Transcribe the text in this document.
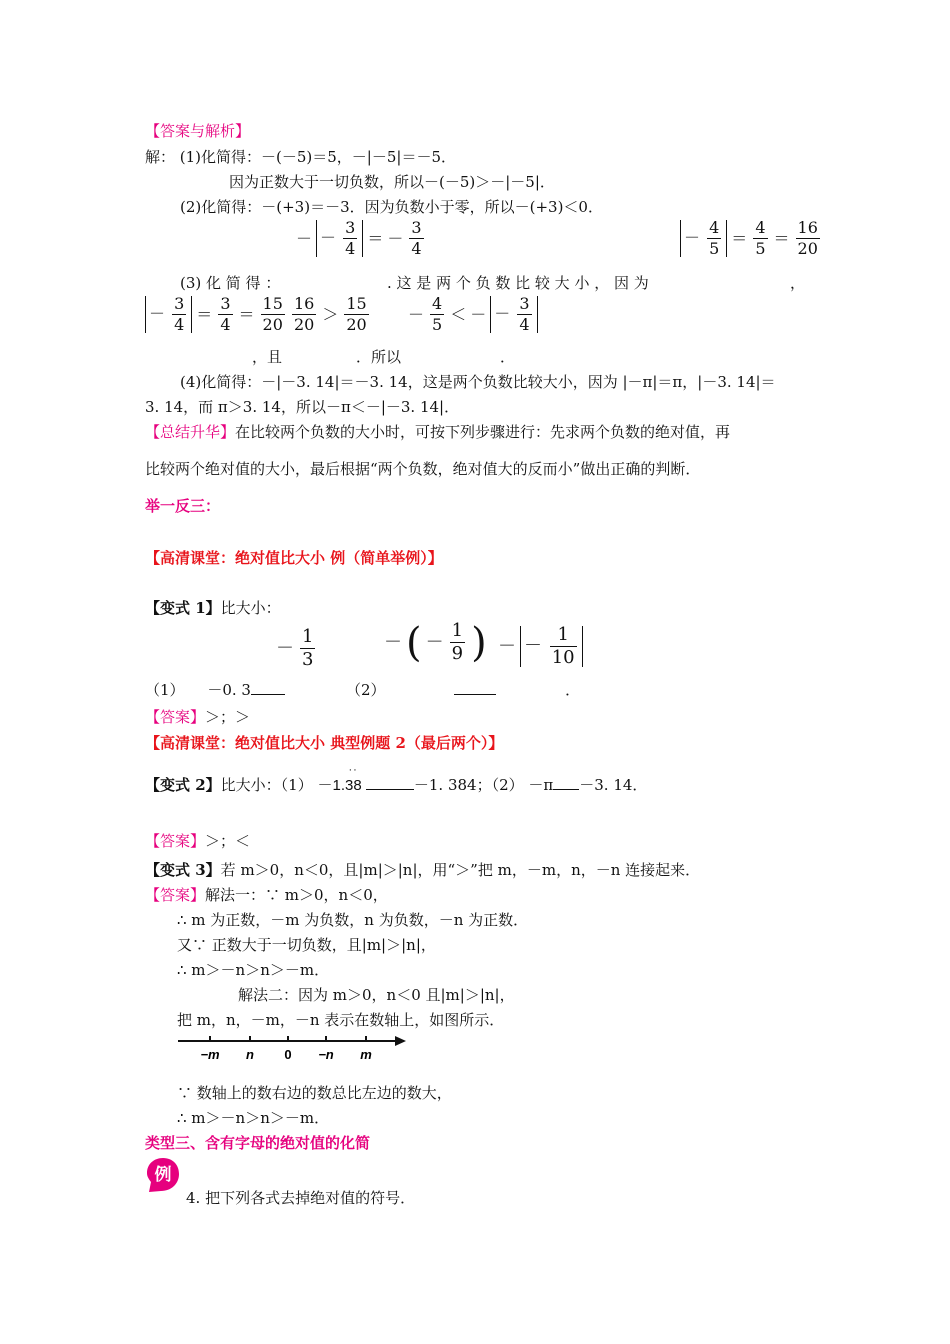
【答案与解析】
解： (1)化简得：－(－5)＝5，－|－5|＝－5．
因为正数大于一切负数，所以－(－5)＞－|－5|．
(2)化简得：－(+3)＝－3．因为负数小于零，所以－(+3)＜0．
－ － $\frac{3}{4}$ ＝ － $\frac{3}{4}$	－ $\frac{4}{5} = \frac{4}{5} = \frac{16}{20}$
(3) 化 简 得 ：	. 这 是 两 个 负 数 比 较 大 小 ， 因 为	，
－ $\frac{3}{4} = \frac{3}{4} = \frac{15}{20} \frac{16}{20} > \frac{15}{20} - \frac{4}{5}$ ＜ － － $\frac{3}{4}$
，且	．所以	．
(4)化简得：－|－3. 14|＝－3. 14，这是两个负数比较大小，因为 |－π|＝π，|－3. 14|＝
3. 14，而 π＞3. 14，所以－π＜－|－3. 14|．
【总结升华】在比较两个负数的大小时，可按下列步骤进行：先求两个负数的绝对值，再
比较两个绝对值的大小，最后根据“两个负数，绝对值大的反而小”做出正确的判断．
举一反三：
【高清课堂：绝对值比大小 例（简单举例）】
【变式 1】比大小：
－ $\frac{1}{3}$	－ ( － $\frac{1}{9}$ ) － － $\frac{1}{10}$
（1） －0. 3	（2）	．
【答案】＞；＞
【高清课堂：绝对值比大小 典型例题 2（最后两个）】
【变式 2】比大小：（1） －1.38
··
－1. 384；（2） －π －3. 14．
【答案】＞；＜
【变式 3】若 m＞0，n＜0，且|m|＞|n|，用“＞”把 m，－m，n，－n 连接起来．
【答案】解法一：∵ m＞0，n＜0，
∴ m 为正数，－m 为负数，n 为负数，－n 为正数．
又∵ 正数大于一切负数，且|m|＞|n|，
∴ m＞－n＞n＞－m．
解法二：因为 m＞0，n＜0 且|m|＞|n|，
把 m，n，－m，－n 表示在数轴上，如图所示．
−m n 0 −n m
∵ 数轴上的数右边的数总比左边的数大，
∴ m＞－n＞n＞－m．
类型三、含有字母的绝对值的化简
例
4. 把下列各式去掉绝对值的符号．
